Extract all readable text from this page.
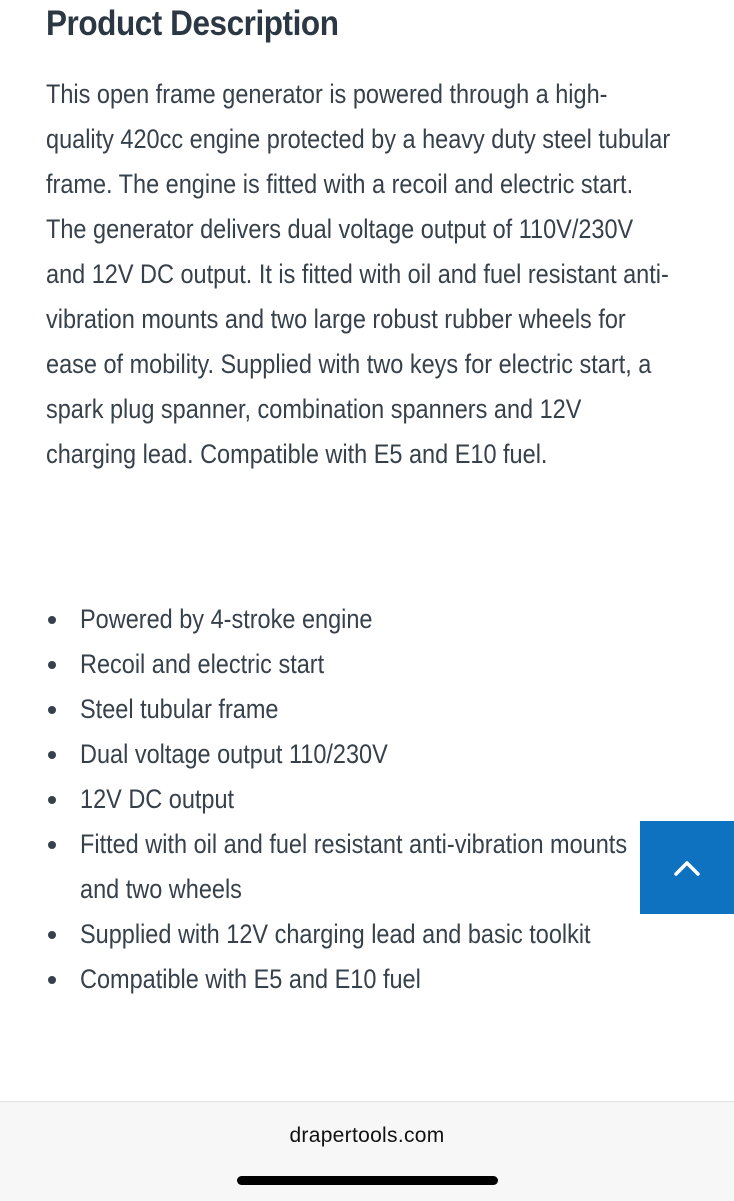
Product Description

This open frame generator is powered through a high-quality 420cc engine protected by a heavy duty steel tubular frame. The engine is fitted with a recoil and electric start. The generator delivers dual voltage output of 110V/230V and 12V DC output. It is fitted with oil and fuel resistant anti-vibration mounts and two large robust rubber wheels for ease of mobility. Supplied with two keys for electric start, a spark plug spanner, combination spanners and 12V charging lead. Compatible with E5 and E10 fuel.

Powered by 4-stroke engine
Recoil and electric start
Steel tubular frame
Dual voltage output 110/230V
12V DC output
Fitted with oil and fuel resistant anti-vibration mounts and two wheels
Supplied with 12V charging lead and basic toolkit
Compatible with E5 and E10 fuel
drapertools.com
